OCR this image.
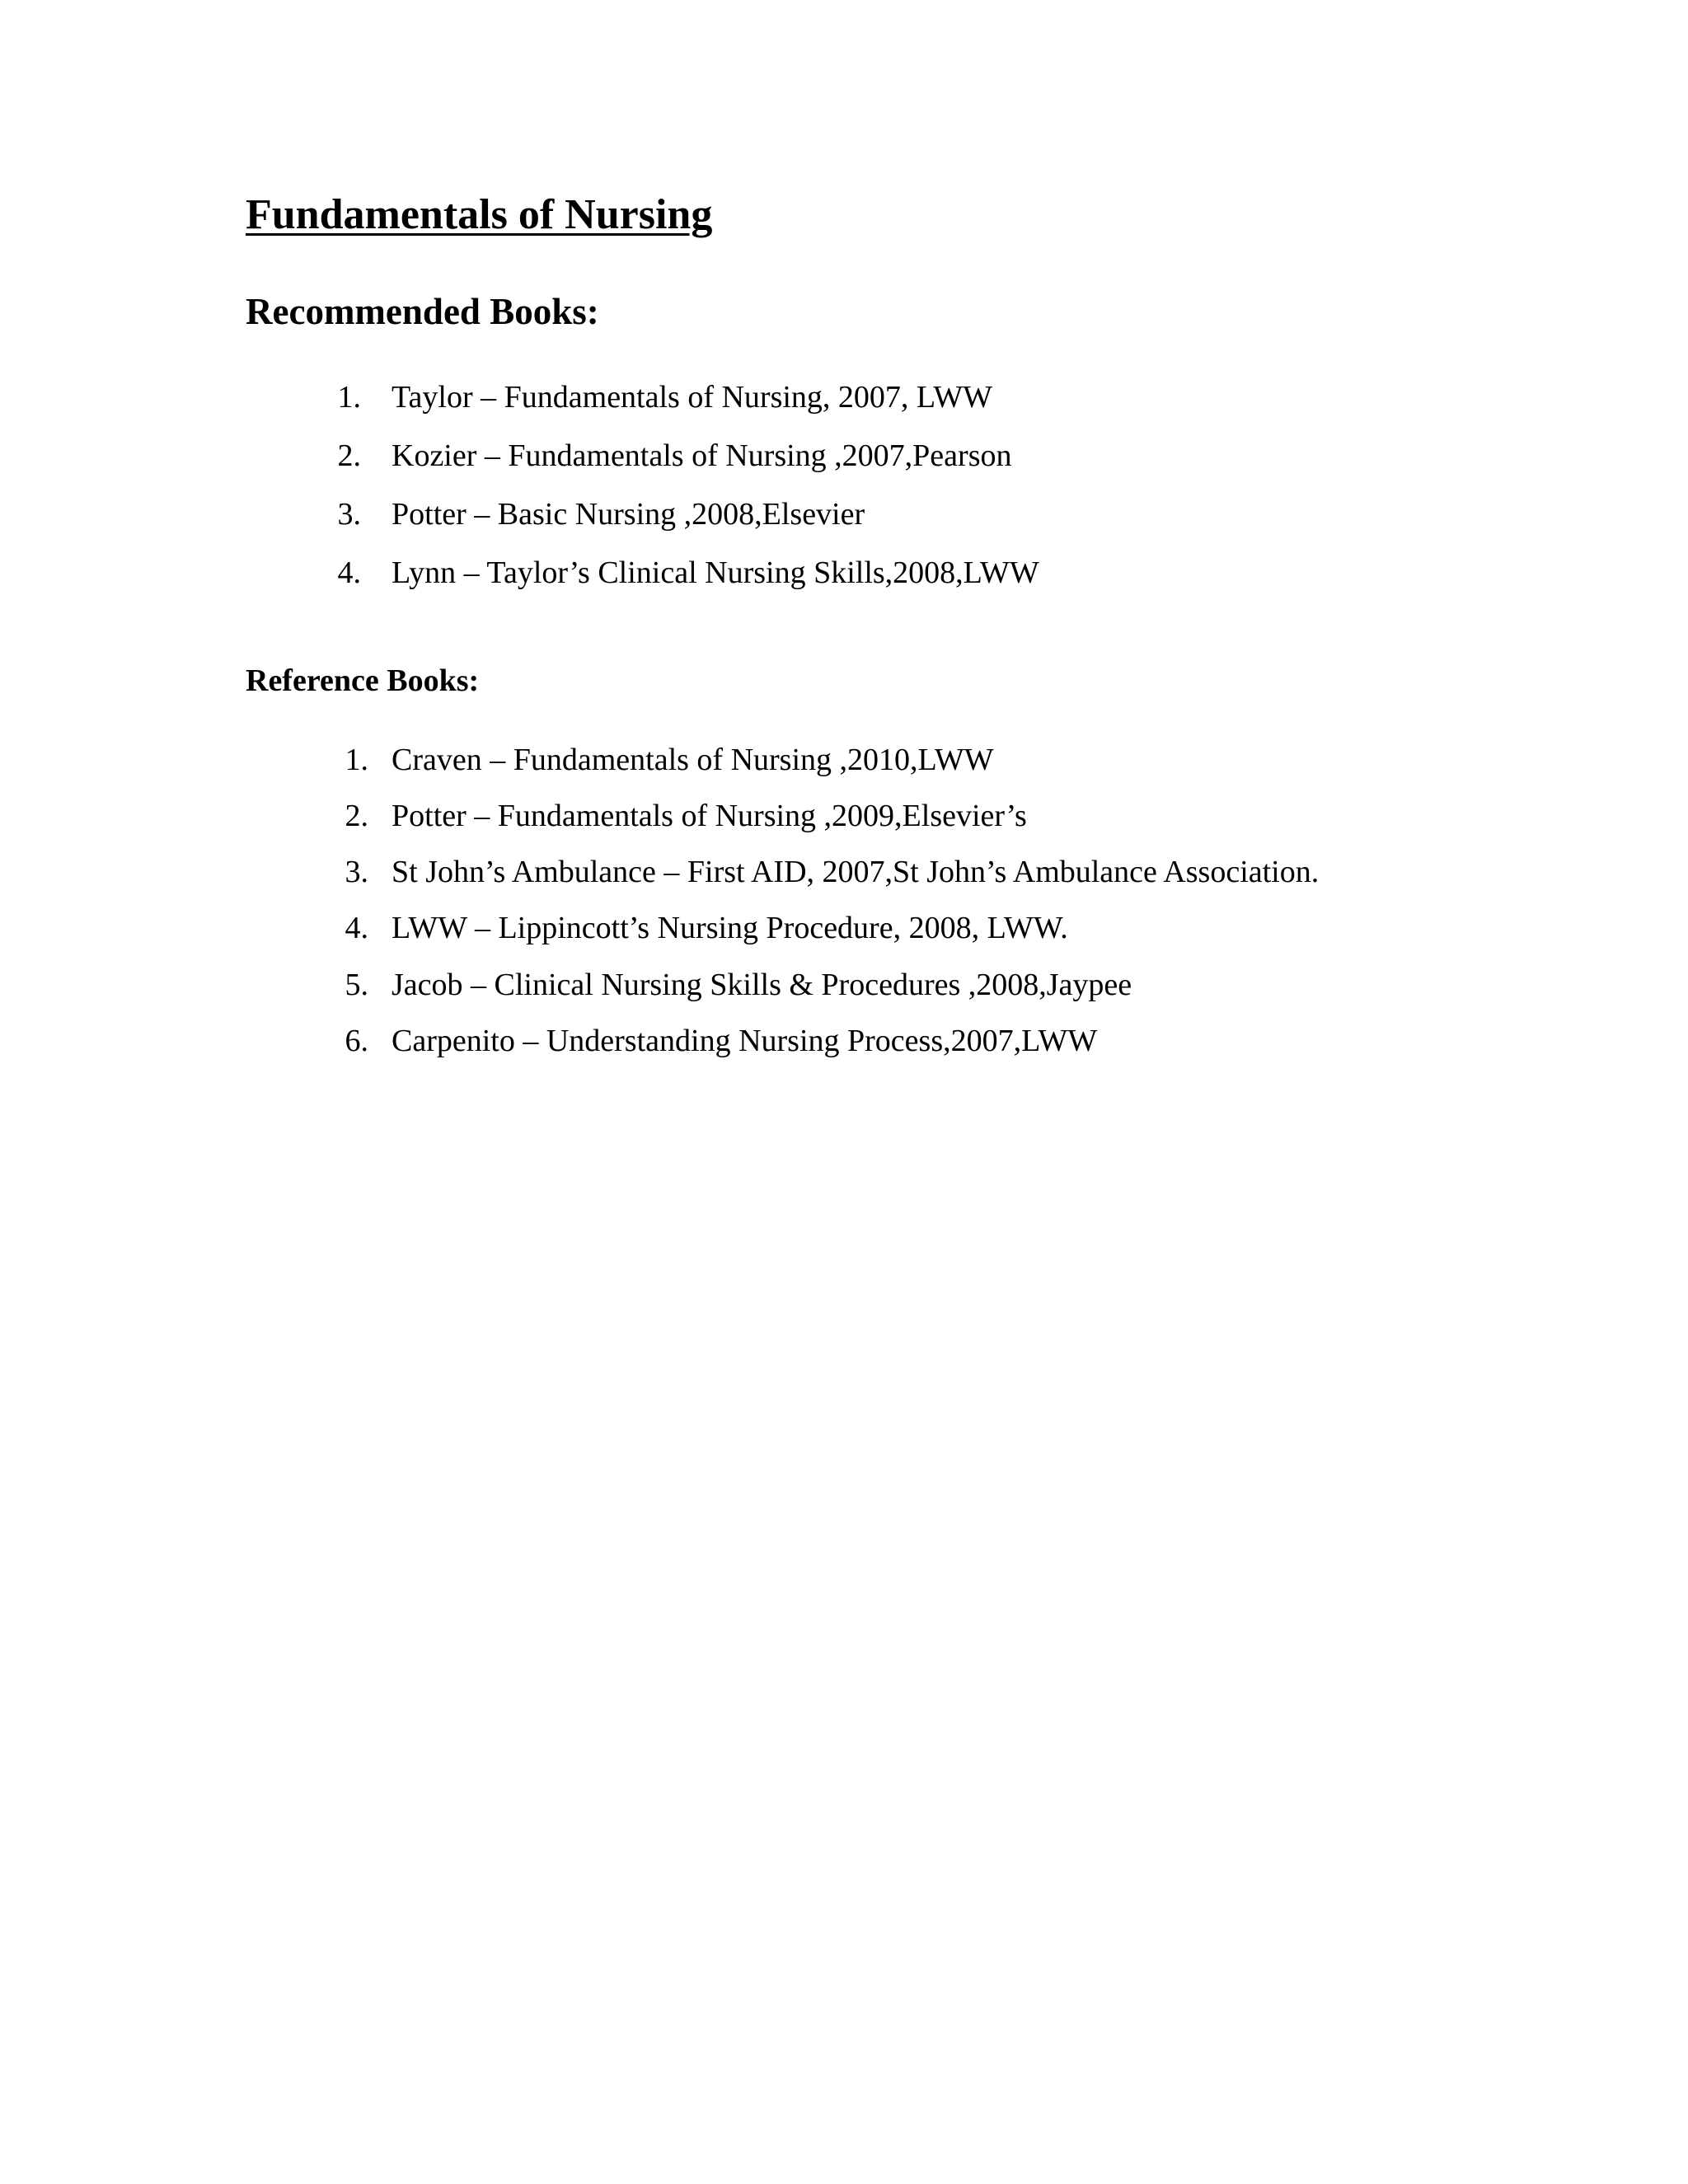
Fundamentals of Nursing
Recommended Books:
1. Taylor – Fundamentals of Nursing, 2007, LWW
2. Kozier – Fundamentals of Nursing ,2007,Pearson
3. Potter – Basic Nursing ,2008,Elsevier
4. Lynn – Taylor’s Clinical Nursing Skills,2008,LWW
Reference Books:
1. Craven – Fundamentals of Nursing ,2010,LWW
2. Potter – Fundamentals of Nursing ,2009,Elsevier’s
3. St John’s Ambulance – First AID, 2007,St John’s Ambulance Association.
4. LWW – Lippincott’s Nursing Procedure, 2008, LWW.
5. Jacob – Clinical Nursing Skills & Procedures ,2008,Jaypee
6. Carpenito – Understanding Nursing Process,2007,LWW
